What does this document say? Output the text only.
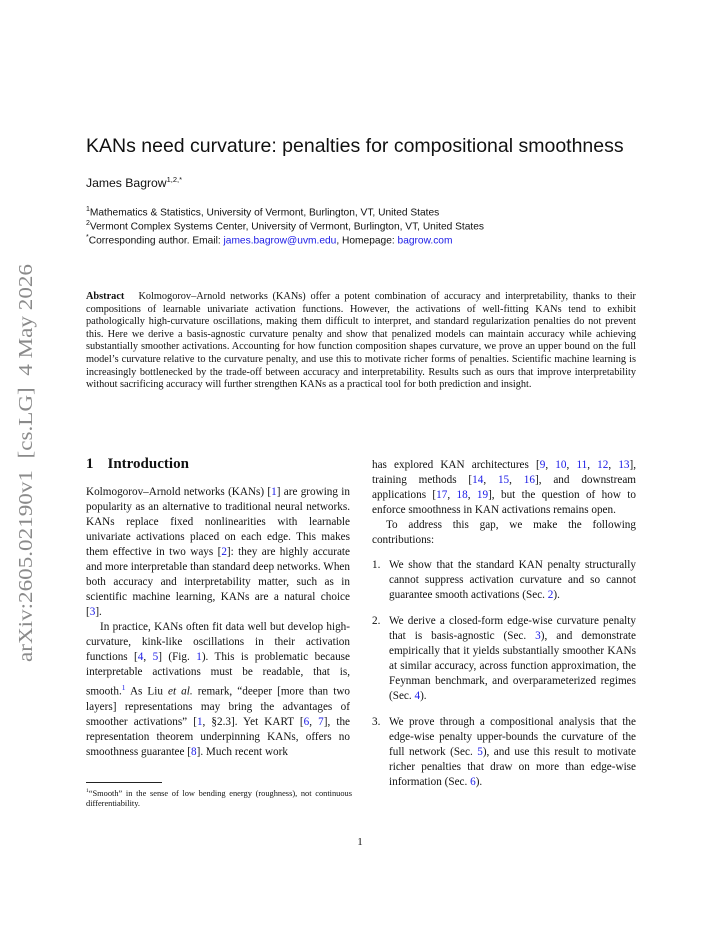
arXiv:2605.02190v1  [cs.LG]  4 May 2026
KANs need curvature: penalties for compositional smoothness
James Bagrow$^{1,2,*}$
$^1$Mathematics & Statistics, University of Vermont, Burlington, VT, United States
$^2$Vermont Complex Systems Center, University of Vermont, Burlington, VT, United States
*Corresponding author. Email: james.bagrow@uvm.edu, Homepage: bagrow.com
Abstract Kolmogorov–Arnold networks (KANs) offer a potent combination of accuracy and interpretability, thanks to their compositions of learnable univariate activation functions. However, the activations of well-fitting KANs tend to exhibit pathologically high-curvature oscillations, making them difficult to interpret, and standard regularization penalties do not prevent this. Here we derive a basis-agnostic curvature penalty and show that penalized models can maintain accuracy while achieving substantially smoother activations. Accounting for how function composition shapes curvature, we prove an upper bound on the full model’s curvature relative to the curvature penalty, and use this to motivate richer forms of penalties. Scientific machine learning is increasingly bottlenecked by the trade-off between accuracy and interpretability. Results such as ours that improve interpretability without sacrificing accuracy will further strengthen KANs as a practical tool for both prediction and insight.
1 Introduction

Kolmogorov–Arnold networks (KANs) [1] are growing in popularity as an alternative to traditional neural networks. KANs replace fixed nonlinearities with learnable univariate activations placed on each edge. This makes them effective in two ways [2]: they are highly accurate and more interpretable than standard deep networks. When both accuracy and interpretability matter, such as in scientific machine learning, KANs are a natural choice [3].

In practice, KANs often fit data well but develop high-curvature, kink-like oscillations in their activation functions [4, 5] (Fig. 1). This is problematic because interpretable activations must be readable, that is, smooth.$^1$ As Liu et al. remark, “deeper [more than two layers] representations may bring the advantages of smoother activations” [1, §2.3]. Yet KART [6, 7], the representation theorem underpinning KANs, offers no smoothness guarantee [8]. Much recent work

has explored KAN architectures [9, 10, 11, 12, 13], training methods [14, 15, 16], and downstream applications [17, 18, 19], but the question of how to enforce smoothness in KAN activations remains open.

To address this gap, we make the following contributions:

1. We show that the standard KAN penalty structurally cannot suppress activation curvature and so cannot guarantee smooth activations (Sec. 2).
2. We derive a closed-form edge-wise curvature penalty that is basis-agnostic (Sec. 3), and demonstrate empirically that it yields substantially smoother KANs at similar accuracy, across function approximation, the Feynman benchmark, and overparameterized regimes (Sec. 4).
3. We prove through a compositional analysis that the edge-wise penalty upper-bounds the curvature of the full network (Sec. 5), and use this result to motivate richer penalties that draw on more than edge-wise information (Sec. 6).
$^1$“Smooth” in the sense of low bending energy (roughness), not continuous differentiability.
1
